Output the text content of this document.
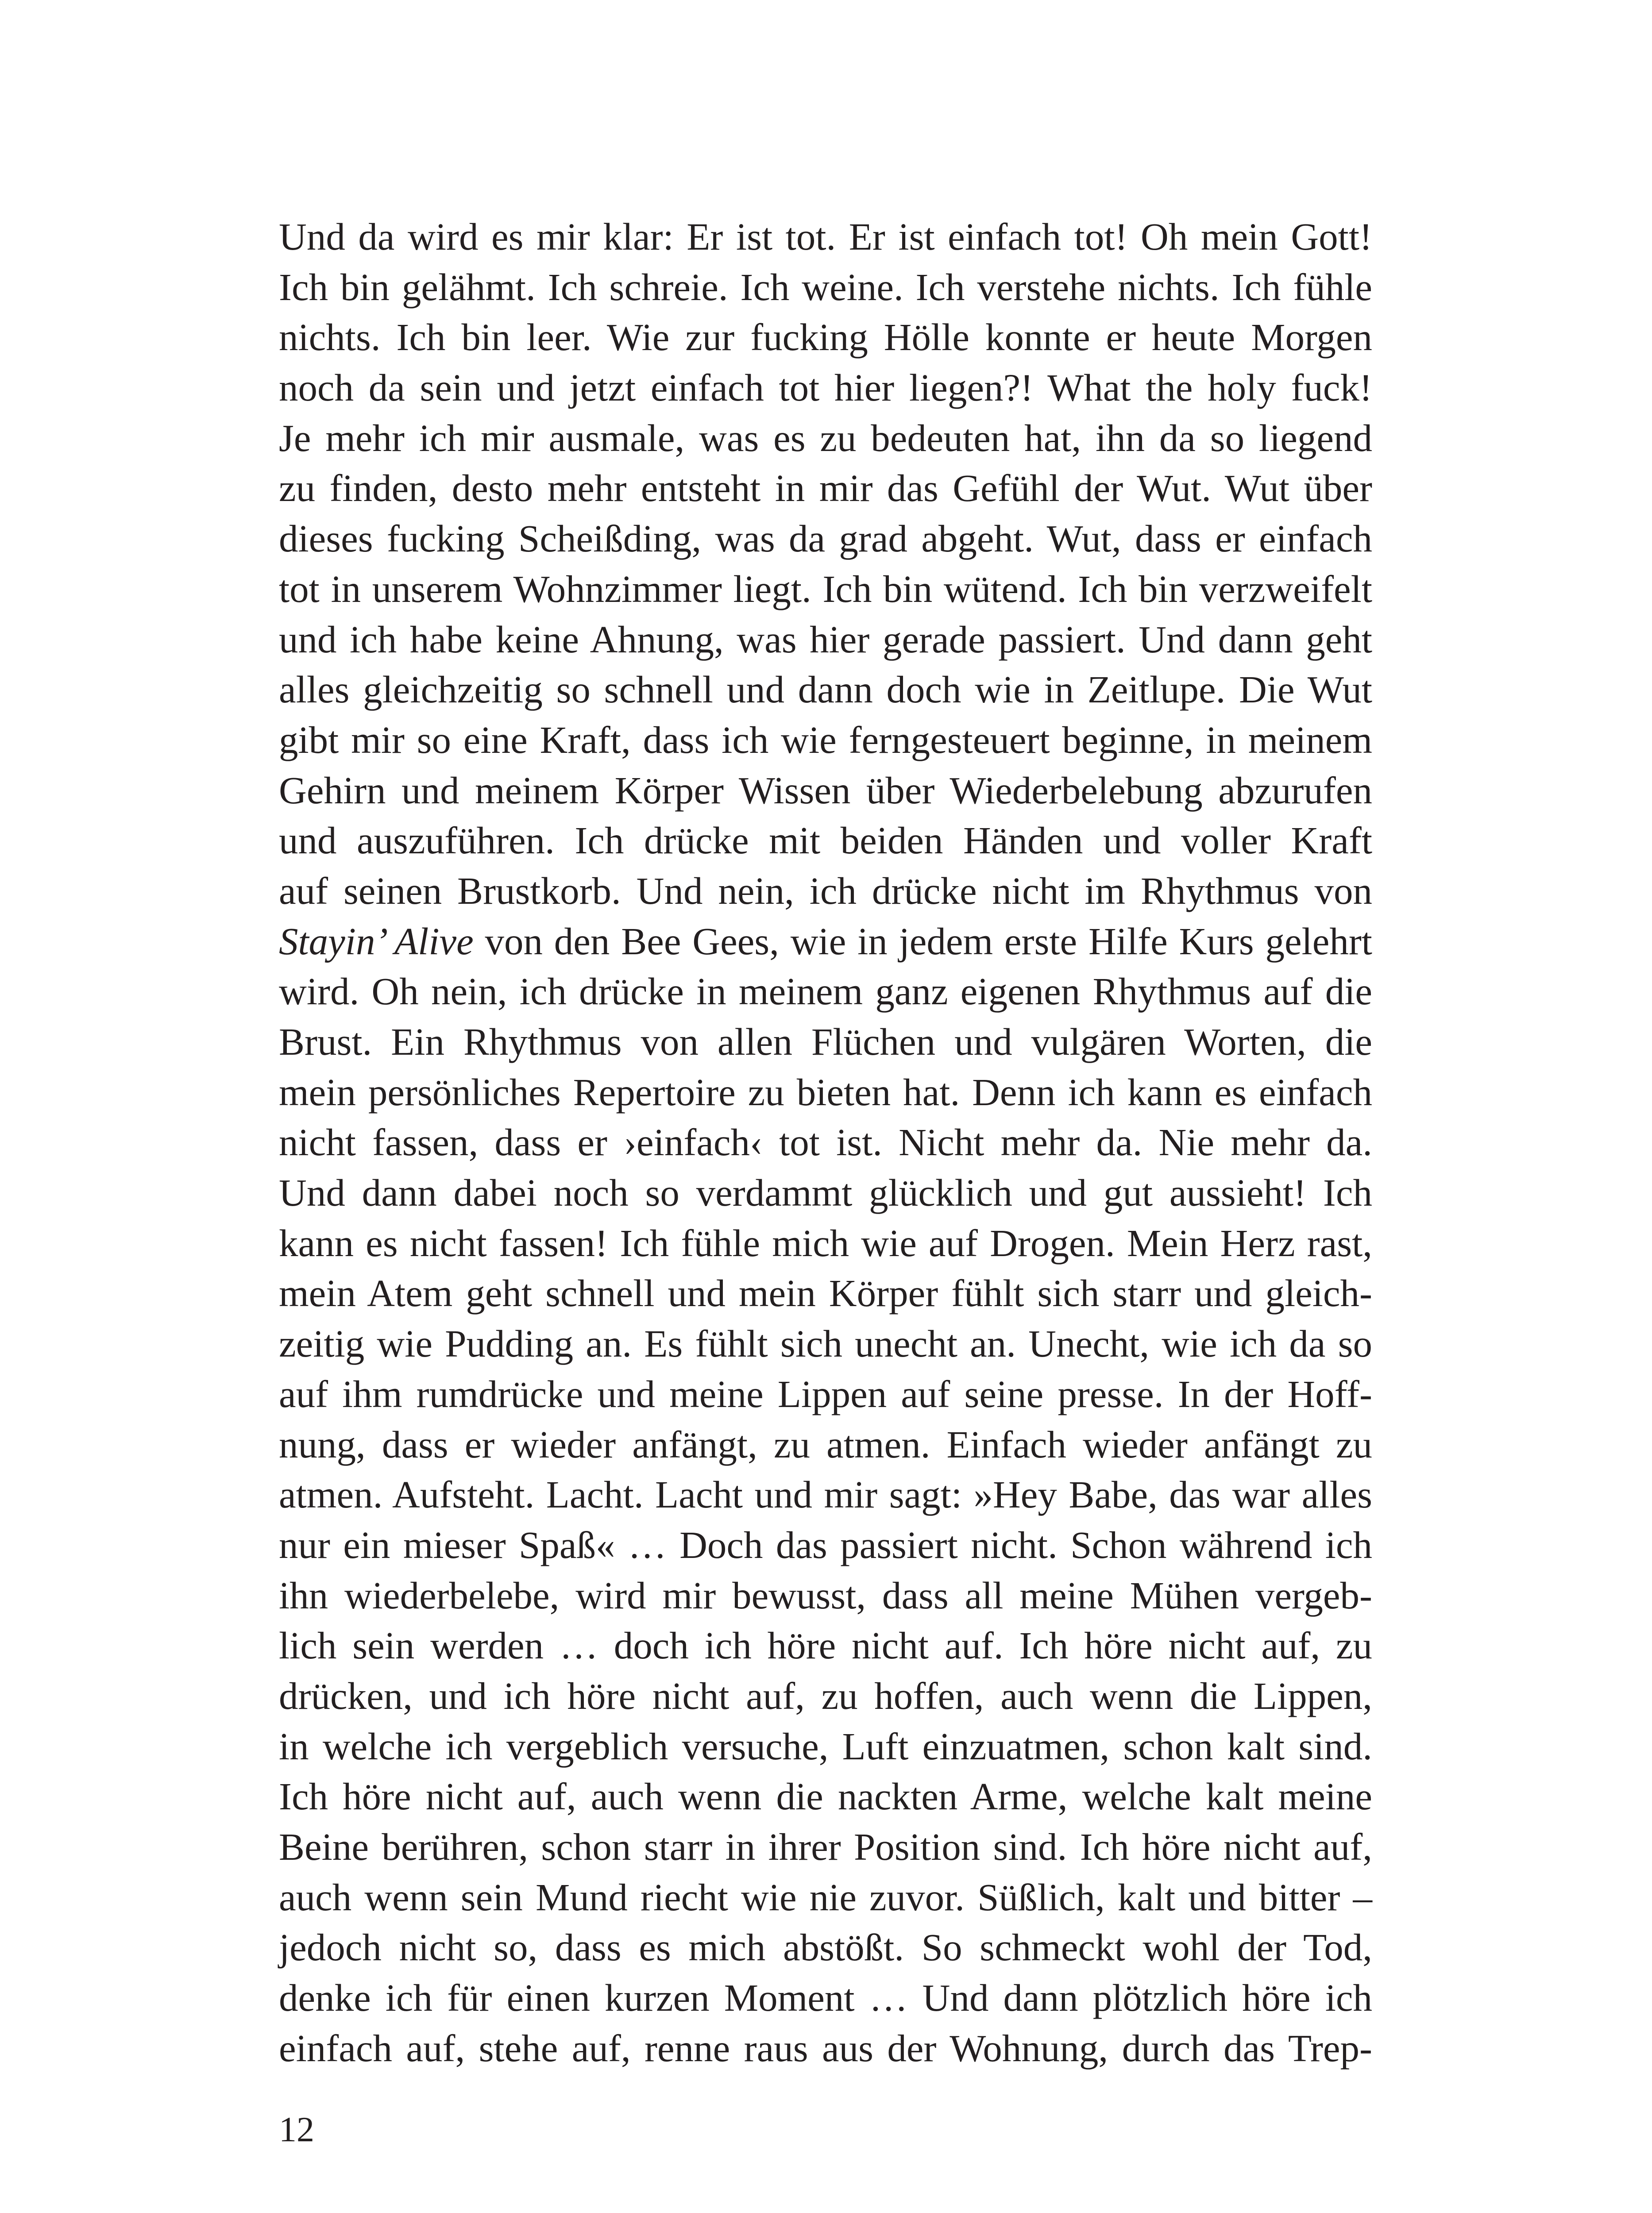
Und da wird es mir klar: Er ist tot. Er ist einfach tot! Oh mein Gott!
Ich bin gelähmt. Ich schreie. Ich weine. Ich verstehe nichts. Ich fühle
nichts. Ich bin leer. Wie zur fucking Hölle konnte er heute Morgen
noch da sein und jetzt einfach tot hier liegen?! What the holy fuck!
Je mehr ich mir ausmale, was es zu bedeuten hat, ihn da so liegend
zu finden, desto mehr entsteht in mir das Gefühl der Wut. Wut über
dieses fucking Scheißding, was da grad abgeht. Wut, dass er einfach
tot in unserem Wohnzimmer liegt. Ich bin wütend. Ich bin verzweifelt
und ich habe keine Ahnung, was hier gerade passiert. Und dann geht
alles gleichzeitig so schnell und dann doch wie in Zeitlupe. Die Wut
gibt mir so eine Kraft, dass ich wie ferngesteuert beginne, in meinem
Gehirn und meinem Körper Wissen über Wiederbelebung abzurufen
und auszuführen. Ich drücke mit beiden Händen und voller Kraft
auf seinen Brustkorb. Und nein, ich drücke nicht im Rhythmus von
Stayin’ Alive von den Bee Gees, wie in jedem erste Hilfe Kurs gelehrt
wird. Oh nein, ich drücke in meinem ganz eigenen Rhythmus auf die
Brust. Ein Rhythmus von allen Flüchen und vulgären Worten, die
mein persönliches Repertoire zu bieten hat. Denn ich kann es einfach
nicht fassen, dass er ›einfach‹ tot ist. Nicht mehr da. Nie mehr da.
Und dann dabei noch so verdammt glücklich und gut aussieht! Ich
kann es nicht fassen! Ich fühle mich wie auf Drogen. Mein Herz rast,
mein Atem geht schnell und mein Körper fühlt sich starr und gleich-
zeitig wie Pudding an. Es fühlt sich unecht an. Unecht, wie ich da so
auf ihm rumdrücke und meine Lippen auf seine presse. In der Hoff-
nung, dass er wieder anfängt, zu atmen. Einfach wieder anfängt zu
atmen. Aufsteht. Lacht. Lacht und mir sagt: »Hey Babe, das war alles
nur ein mieser Spaß« … Doch das passiert nicht. Schon während ich
ihn wiederbelebe, wird mir bewusst, dass all meine Mühen vergeb-
lich sein werden … doch ich höre nicht auf. Ich höre nicht auf, zu
drücken, und ich höre nicht auf, zu hoffen, auch wenn die Lippen,
in welche ich vergeblich versuche, Luft einzuatmen, schon kalt sind.
Ich höre nicht auf, auch wenn die nackten Arme, welche kalt meine
Beine berühren, schon starr in ihrer Position sind. Ich höre nicht auf,
auch wenn sein Mund riecht wie nie zuvor. Süßlich, kalt und bitter –
jedoch nicht so, dass es mich abstößt. So schmeckt wohl der Tod,
denke ich für einen kurzen Moment … Und dann plötzlich höre ich
einfach auf, stehe auf, renne raus aus der Wohnung, durch das Trep-
12
